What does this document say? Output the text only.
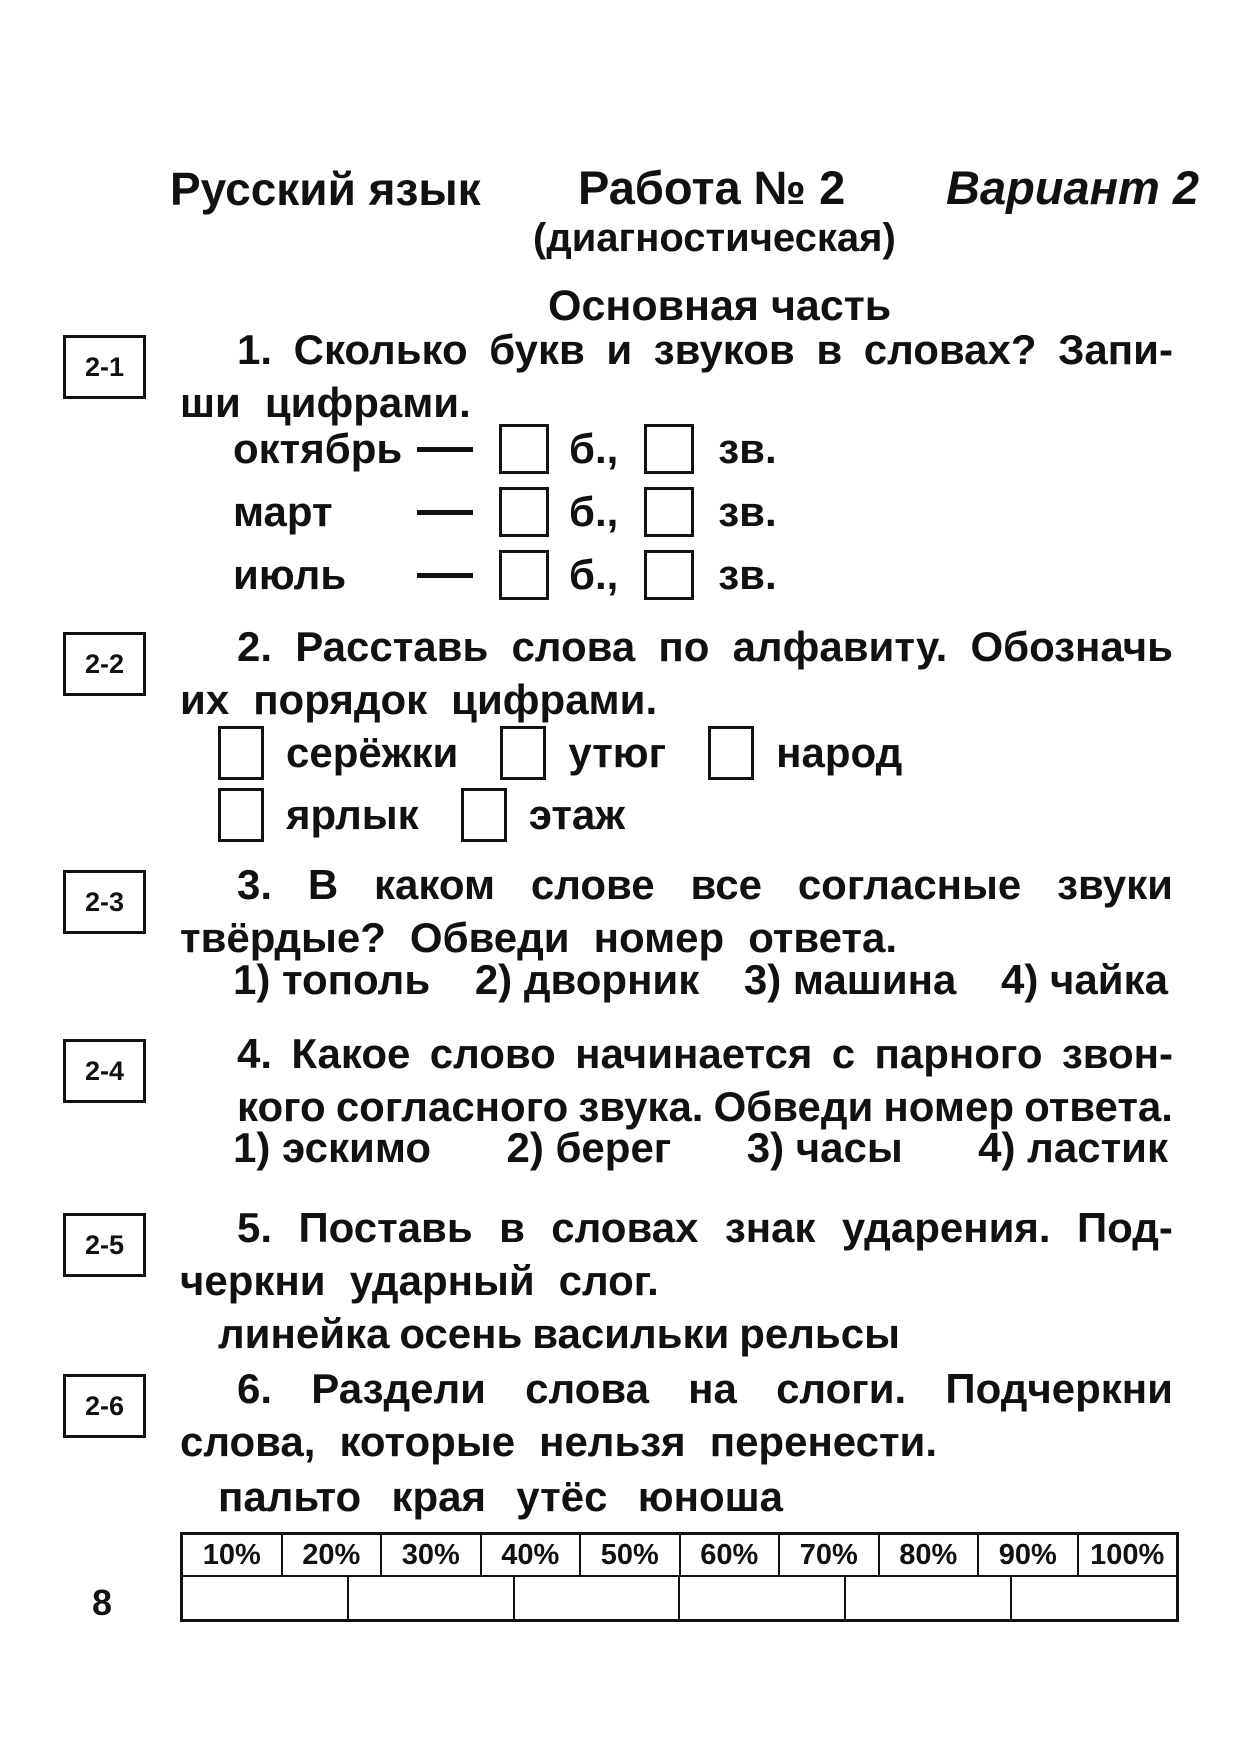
Русский язык Работа № 2 Вариант 2
(диагностическая)
Основная часть
2-1	1. Сколько букв и звуков в словах? Запи-
ши цифрами.
октябрь	б., зв.
март	б., зв.
июль	б., зв.
2-2	2. Расставь слова по алфавиту. Обозначь
их порядок цифрами.
серёжки	утюг	народ
ярлык	этаж
2-3	3. В каком слове все согласные звуки
твёрдые? Обведи номер ответа.
1) тополь 2) дворник 3) машина 4) чайка
2-4	4. Какое слово начинается с парного звон-
кого согласного звука. Обведи номер ответа.
1) эскимо 2) берег 3) часы 4) ластик
2-5	5. Поставь в словах знак ударения. Под-
черкни ударный слог.
линейка осень васильки рельсы
2-6	6. Раздели слова на слоги. Подчеркни
слова, которые нельзя перенести.
пальто края утёс юноша
10%	20%	30%	40%	50%	60%	70%	80%	90%	100%
8
